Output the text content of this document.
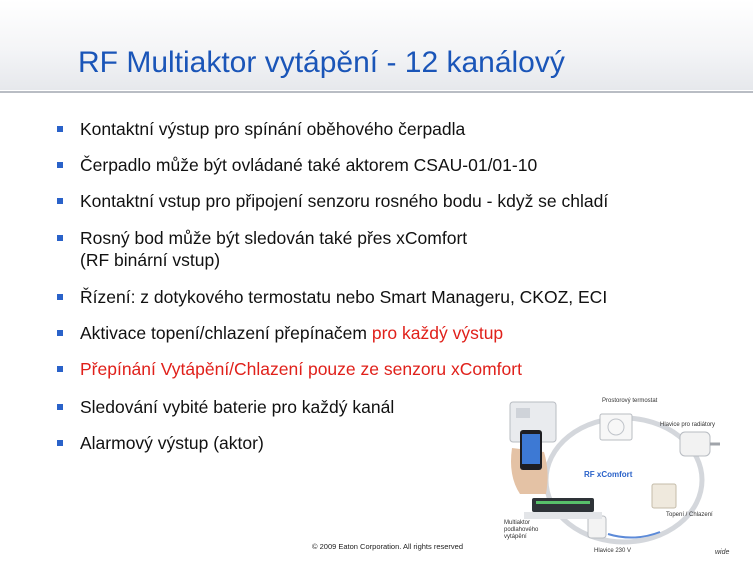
RF Multiaktor vytápění - 12 kanálový
Kontaktní výstup pro spínání oběhového čerpadla
Čerpadlo může být ovládané také aktorem CSAU-01/01-10
Kontaktní vstup pro připojení senzoru rosného bodu - když se chladí
Rosný bod může být sledován také přes xComfort
(RF binární vstup)
Řízení: z dotykového termostatu nebo Smart Manageru, CKOZ, ECI
Aktivace topení/chlazení přepínačem pro každý výstup
Přepínání Vytápění/Chlazení pouze ze senzoru xComfort
Sledování vybité baterie pro každý kanál
Alarmový výstup (aktor)
RF xComfort
Prostorový termostat
Hlavice pro radiátory
Topení / Chlazení
Hlavice 230 V
Multiaktor
podlahového
vytápění
© 2009 Eaton Corporation. All rights reserved
wide
